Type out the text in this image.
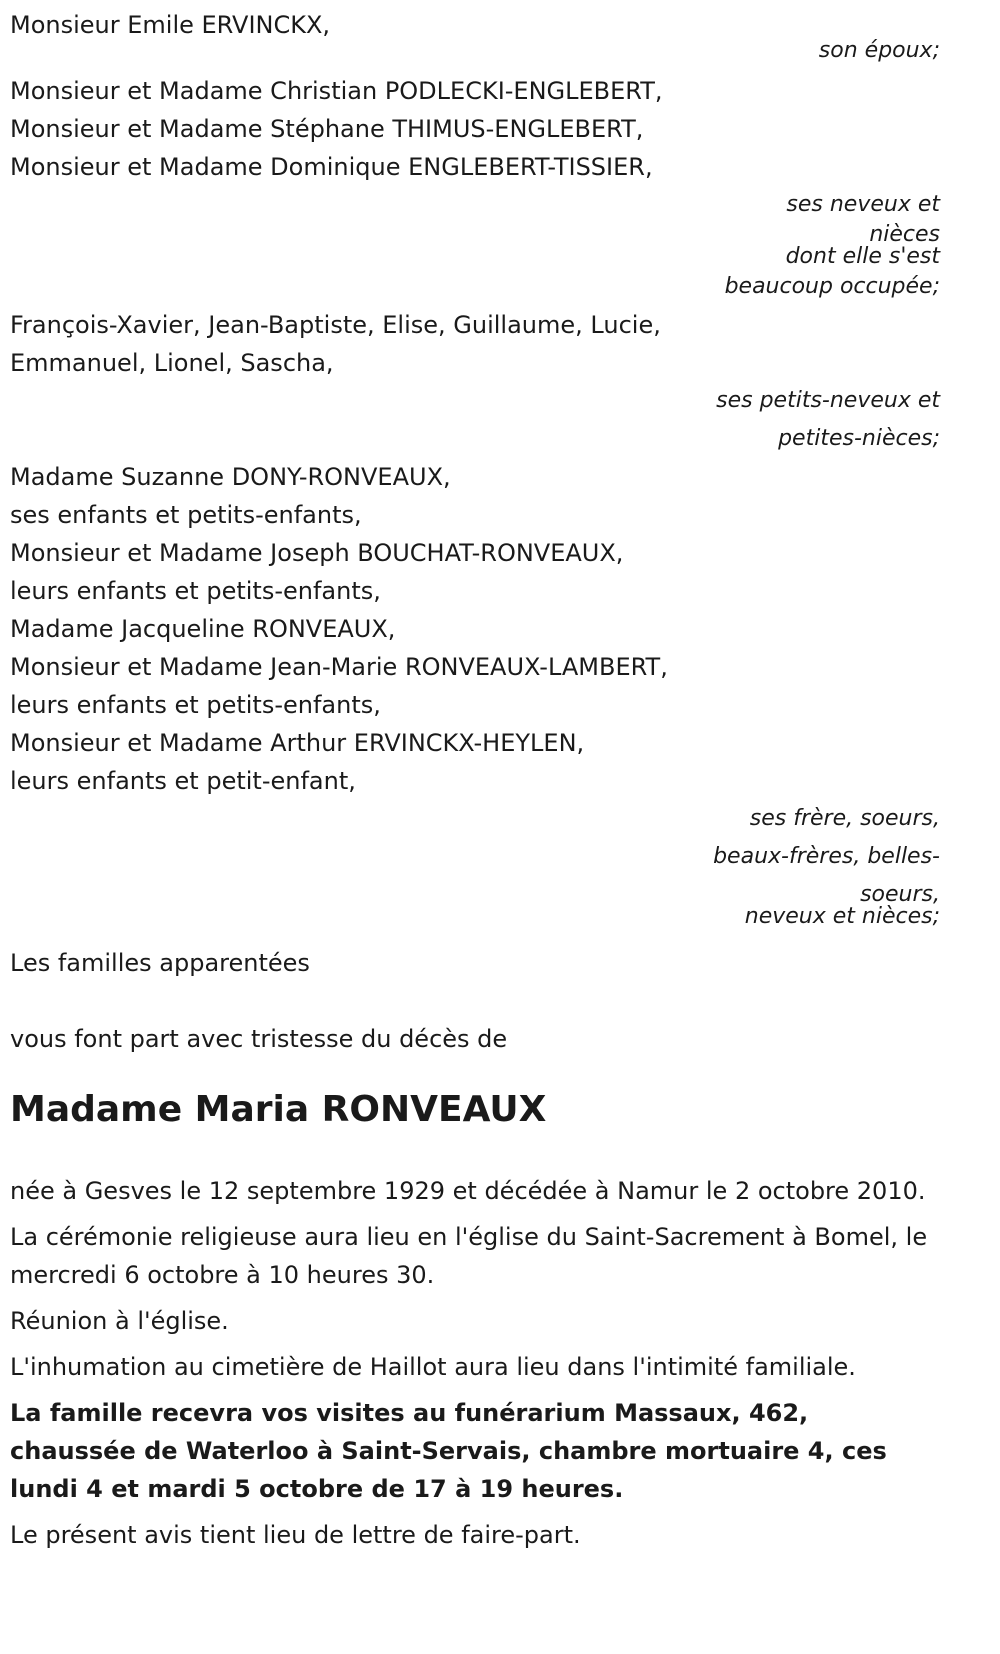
Monsieur Emile ERVINCKX,
son époux;
Monsieur et Madame Christian PODLECKI-ENGLEBERT,
Monsieur et Madame Stéphane THIMUS-ENGLEBERT,
Monsieur et Madame Dominique ENGLEBERT-TISSIER,
ses neveux et
nièces
dont elle s'est
beaucoup occupée;
François-Xavier, Jean-Baptiste, Elise, Guillaume, Lucie,
Emmanuel, Lionel, Sascha,
ses petits-neveux et
petites-nièces;
Madame Suzanne DONY-RONVEAUX,
ses enfants et petits-enfants,
Monsieur et Madame Joseph BOUCHAT-RONVEAUX,
leurs enfants et petits-enfants,
Madame Jacqueline RONVEAUX,
Monsieur et Madame Jean-Marie RONVEAUX-LAMBERT,
leurs enfants et petits-enfants,
Monsieur et Madame Arthur ERVINCKX-HEYLEN,
leurs enfants et petit-enfant,
ses frère, soeurs,
beaux-frères, belles-
soeurs,
neveux et nièces;
Les familles apparentées
vous font part avec tristesse du décès de
Madame Maria RONVEAUX
née à Gesves le 12 septembre 1929 et décédée à Namur le 2 octobre 2010.
La cérémonie religieuse aura lieu en l'église du Saint-Sacrement à Bomel, le mercredi 6 octobre à 10 heures 30.
Réunion à l'église.
L'inhumation au cimetière de Haillot aura lieu dans l'intimité familiale.
La famille recevra vos visites au funérarium Massaux, 462, chaussée de Waterloo à Saint-Servais, chambre mortuaire 4, ces lundi 4 et mardi 5 octobre de 17 à 19 heures.
Le présent avis tient lieu de lettre de faire-part.
